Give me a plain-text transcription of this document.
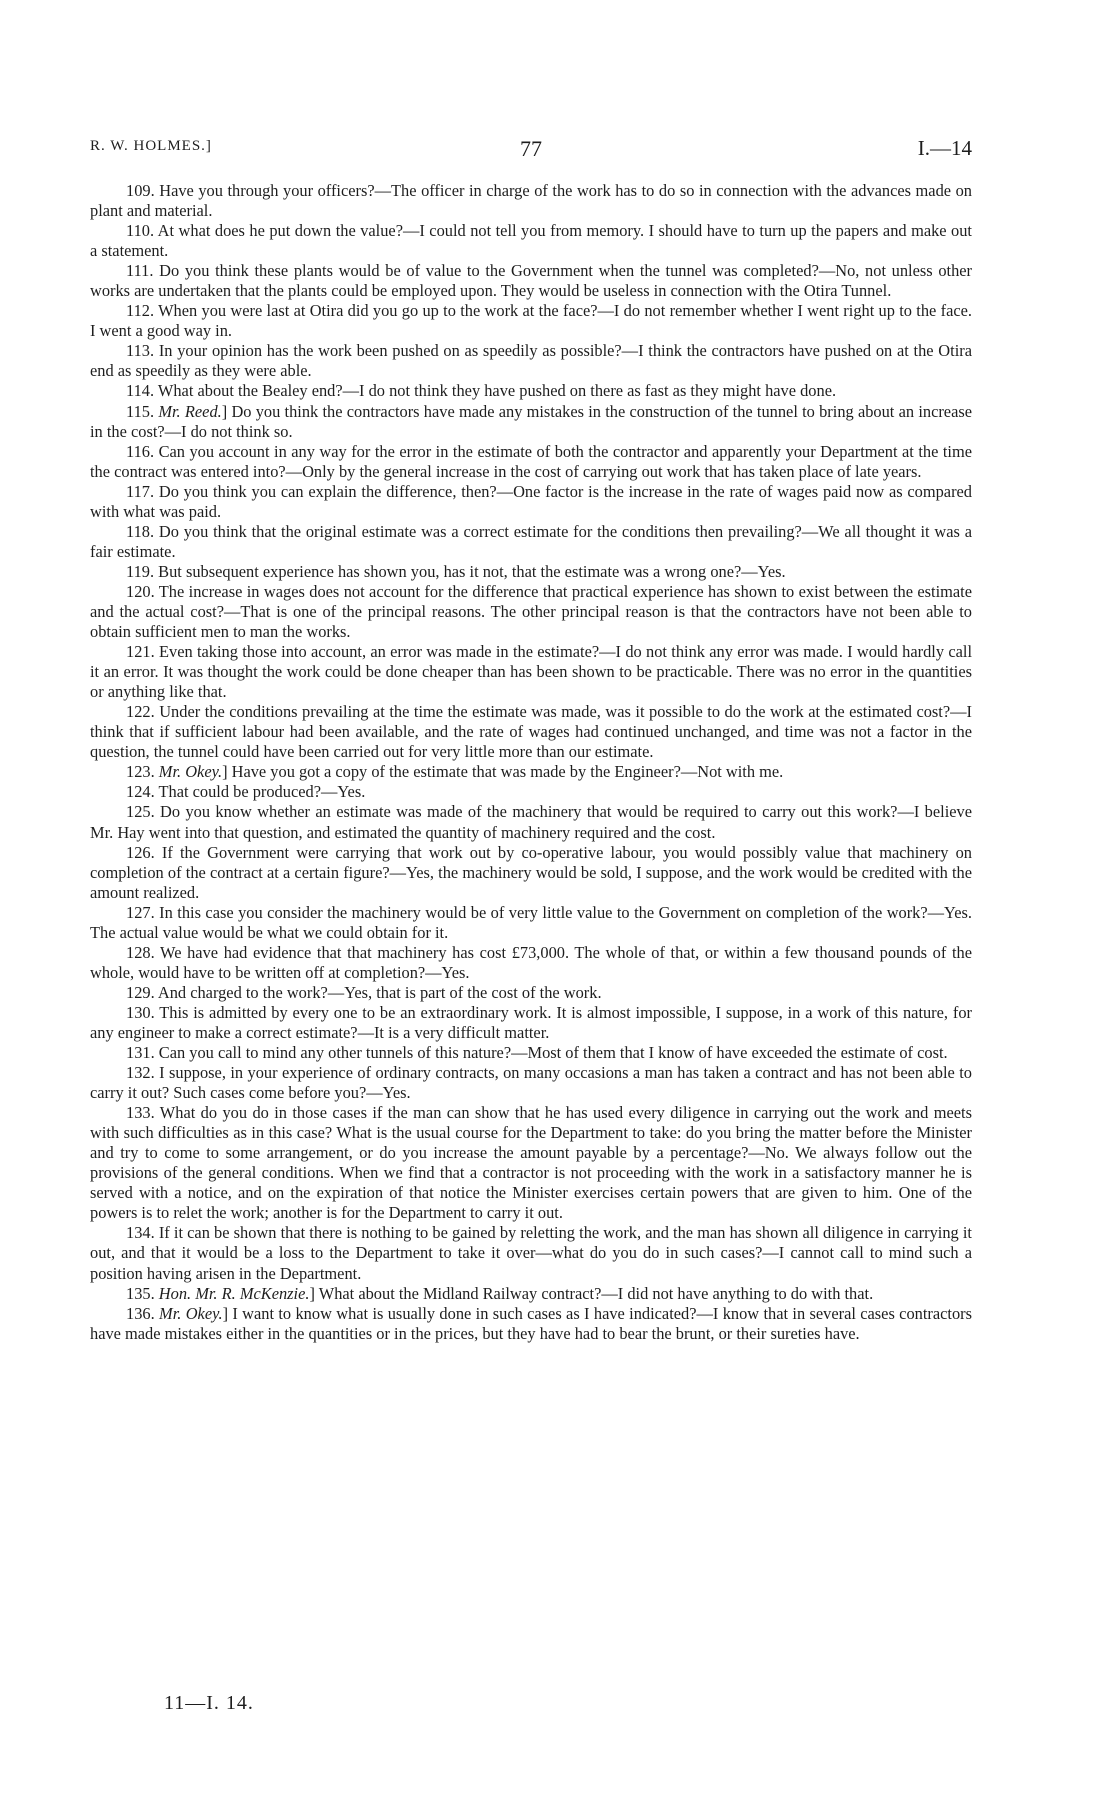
R. W. HOLMES.]	77	I.—14

109. Have you through your officers?—The officer in charge of the work has to do so in connection with the advances made on plant and material.

110. At what does he put down the value?—I could not tell you from memory. I should have to turn up the papers and make out a statement.

111. Do you think these plants would be of value to the Government when the tunnel was completed?—No, not unless other works are undertaken that the plants could be employed upon. They would be useless in connection with the Otira Tunnel.

112. When you were last at Otira did you go up to the work at the face?—I do not remember whether I went right up to the face. I went a good way in.

113. In your opinion has the work been pushed on as speedily as possible?—I think the contractors have pushed on at the Otira end as speedily as they were able.

114. What about the Bealey end?—I do not think they have pushed on there as fast as they might have done.

115. Mr. Reed.] Do you think the contractors have made any mistakes in the construction of the tunnel to bring about an increase in the cost?—I do not think so.

116. Can you account in any way for the error in the estimate of both the contractor and apparently your Department at the time the contract was entered into?—Only by the general increase in the cost of carrying out work that has taken place of late years.

117. Do you think you can explain the difference, then?—One factor is the increase in the rate of wages paid now as compared with what was paid.

118. Do you think that the original estimate was a correct estimate for the conditions then prevailing?—We all thought it was a fair estimate.

119. But subsequent experience has shown you, has it not, that the estimate was a wrong one?—Yes.

120. The increase in wages does not account for the difference that practical experience has shown to exist between the estimate and the actual cost?—That is one of the principal reasons. The other principal reason is that the contractors have not been able to obtain sufficient men to man the works.

121. Even taking those into account, an error was made in the estimate?—I do not think any error was made. I would hardly call it an error. It was thought the work could be done cheaper than has been shown to be practicable. There was no error in the quantities or anything like that.

122. Under the conditions prevailing at the time the estimate was made, was it possible to do the work at the estimated cost?—I think that if sufficient labour had been available, and the rate of wages had continued unchanged, and time was not a factor in the question, the tunnel could have been carried out for very little more than our estimate.

123. Mr. Okey.] Have you got a copy of the estimate that was made by the Engineer?—Not with me.

124. That could be produced?—Yes.

125. Do you know whether an estimate was made of the machinery that would be required to carry out this work?—I believe Mr. Hay went into that question, and estimated the quantity of machinery required and the cost.

126. If the Government were carrying that work out by co-operative labour, you would possibly value that machinery on completion of the contract at a certain figure?—Yes, the machinery would be sold, I suppose, and the work would be credited with the amount realized.

127. In this case you consider the machinery would be of very little value to the Government on completion of the work?—Yes. The actual value would be what we could obtain for it.

128. We have had evidence that that machinery has cost £73,000. The whole of that, or within a few thousand pounds of the whole, would have to be written off at completion?—Yes.

129. And charged to the work?—Yes, that is part of the cost of the work.

130. This is admitted by every one to be an extraordinary work. It is almost impossible, I suppose, in a work of this nature, for any engineer to make a correct estimate?—It is a very difficult matter.

131. Can you call to mind any other tunnels of this nature?—Most of them that I know of have exceeded the estimate of cost.

132. I suppose, in your experience of ordinary contracts, on many occasions a man has taken a contract and has not been able to carry it out? Such cases come before you?—Yes.

133. What do you do in those cases if the man can show that he has used every diligence in carrying out the work and meets with such difficulties as in this case? What is the usual course for the Department to take: do you bring the matter before the Minister and try to come to some arrangement, or do you increase the amount payable by a percentage?—No. We always follow out the provisions of the general conditions. When we find that a contractor is not proceeding with the work in a satisfactory manner he is served with a notice, and on the expiration of that notice the Minister exercises certain powers that are given to him. One of the powers is to relet the work; another is for the Department to carry it out.

134. If it can be shown that there is nothing to be gained by reletting the work, and the man has shown all diligence in carrying it out, and that it would be a loss to the Department to take it over—what do you do in such cases?—I cannot call to mind such a position having arisen in the Department.

135. Hon. Mr. R. McKenzie.] What about the Midland Railway contract?—I did not have anything to do with that.

136. Mr. Okey.] I want to know what is usually done in such cases as I have indicated?—I know that in several cases contractors have made mistakes either in the quantities or in the prices, but they have had to bear the brunt, or their sureties have.

11—I. 14.
